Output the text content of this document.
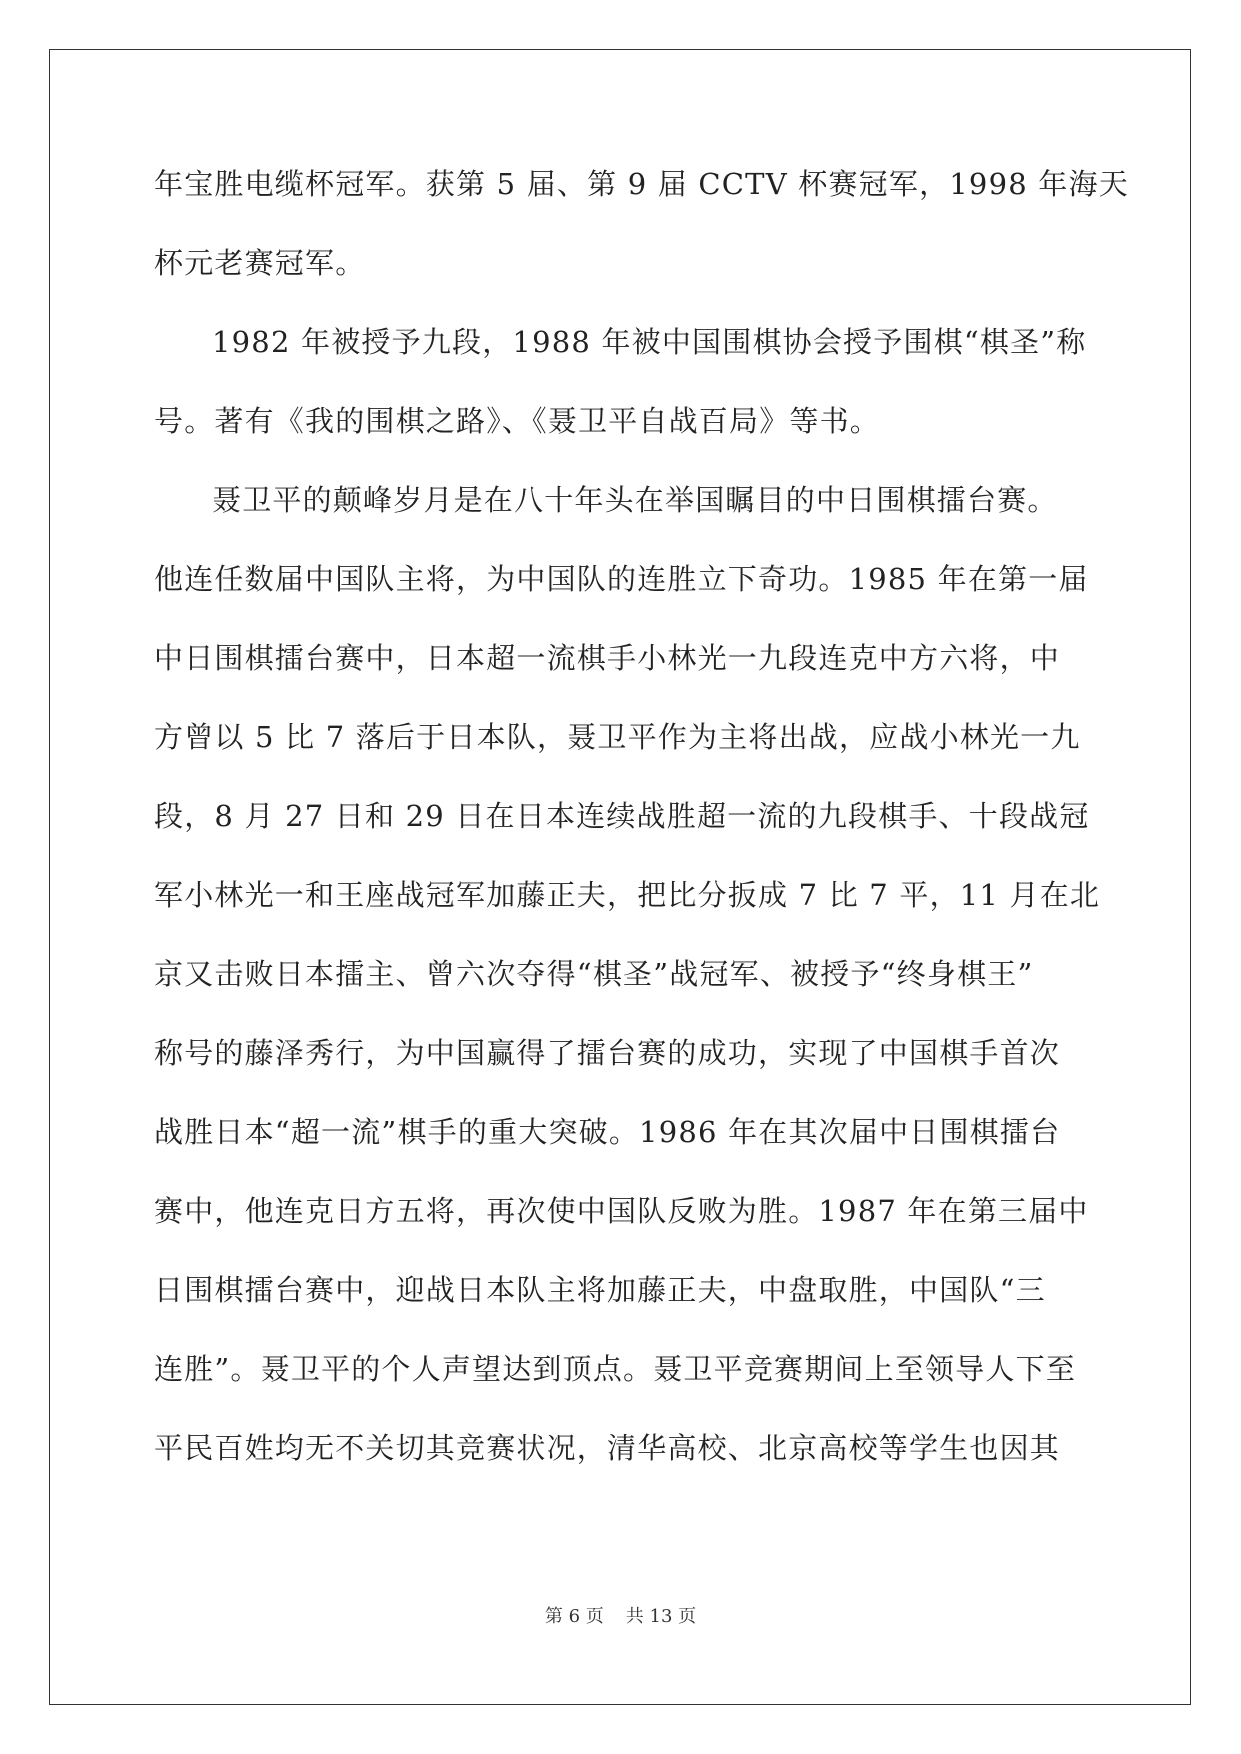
年宝胜电缆杯冠军。获第 5 届、第 9 届 CCTV 杯赛冠军，1998 年海天
杯元老赛冠军。
1982 年被授予九段，1988 年被中国围棋协会授予围棋“棋圣”称
号。著有《我的围棋之路》、《聂卫平自战百局》等书。
聂卫平的颠峰岁月是在八十年头在举国瞩目的中日围棋擂台赛。
他连任数届中国队主将，为中国队的连胜立下奇功。1985 年在第一届
中日围棋擂台赛中，日本超一流棋手小林光一九段连克中方六将，中
方曾以 5 比 7 落后于日本队，聂卫平作为主将出战，应战小林光一九
段，8 月 27 日和 29 日在日本连续战胜超一流的九段棋手、十段战冠
军小林光一和王座战冠军加藤正夫，把比分扳成 7 比 7 平，11 月在北
京又击败日本擂主、曾六次夺得“棋圣”战冠军、被授予“终身棋王”
称号的藤泽秀行，为中国赢得了擂台赛的成功，实现了中国棋手首次
战胜日本“超一流”棋手的重大突破。1986 年在其次届中日围棋擂台
赛中，他连克日方五将，再次使中国队反败为胜。1987 年在第三届中
日围棋擂台赛中，迎战日本队主将加藤正夫，中盘取胜，中国队“三
连胜”。聂卫平的个人声望达到顶点。聂卫平竞赛期间上至领导人下至
平民百姓均无不关切其竞赛状况，清华高校、北京高校等学生也因其
第 6 页 共 13 页
